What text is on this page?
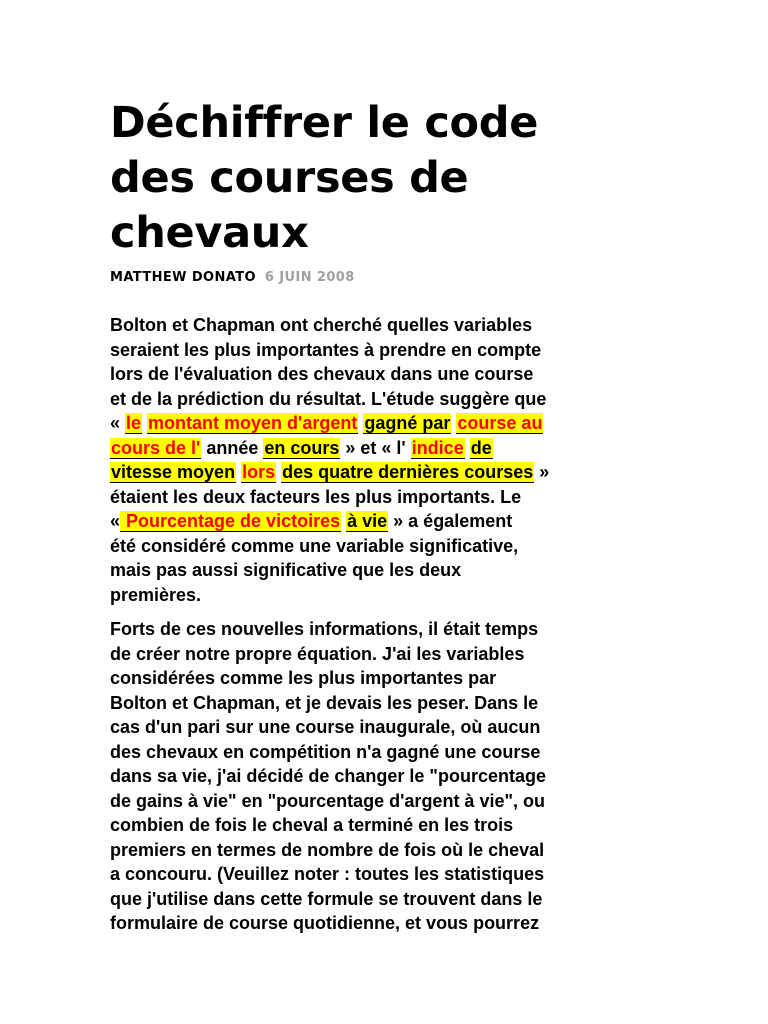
Déchiffrer le code
des courses de
chevaux
MATTHEW DONATO 6 JUIN 2008

Bolton et Chapman ont cherché quelles variables
seraient les plus importantes à prendre en compte
lors de l'évaluation des chevaux dans une course
et de la prédiction du résultat. L'étude suggère que
« le montant moyen d'argent gagné par course au
cours de l' année en cours » et « l' indice de
vitesse moyen lors des quatre dernières courses »
étaient les deux facteurs les plus importants. Le
« Pourcentage de victoires à vie » a également
été considéré comme une variable significative,
mais pas aussi significative que les deux
premières.

Forts de ces nouvelles informations, il était temps
de créer notre propre équation. J'ai les variables
considérées comme les plus importantes par
Bolton et Chapman, et je devais les peser. Dans le
cas d'un pari sur une course inaugurale, où aucun
des chevaux en compétition n'a gagné une course
dans sa vie, j'ai décidé de changer le "pourcentage
de gains à vie" en "pourcentage d'argent à vie", ou
combien de fois le cheval a terminé en les trois
premiers en termes de nombre de fois où le cheval
a concouru. (Veuillez noter : toutes les statistiques
que j'utilise dans cette formule se trouvent dans le
formulaire de course quotidienne, et vous pourrez
